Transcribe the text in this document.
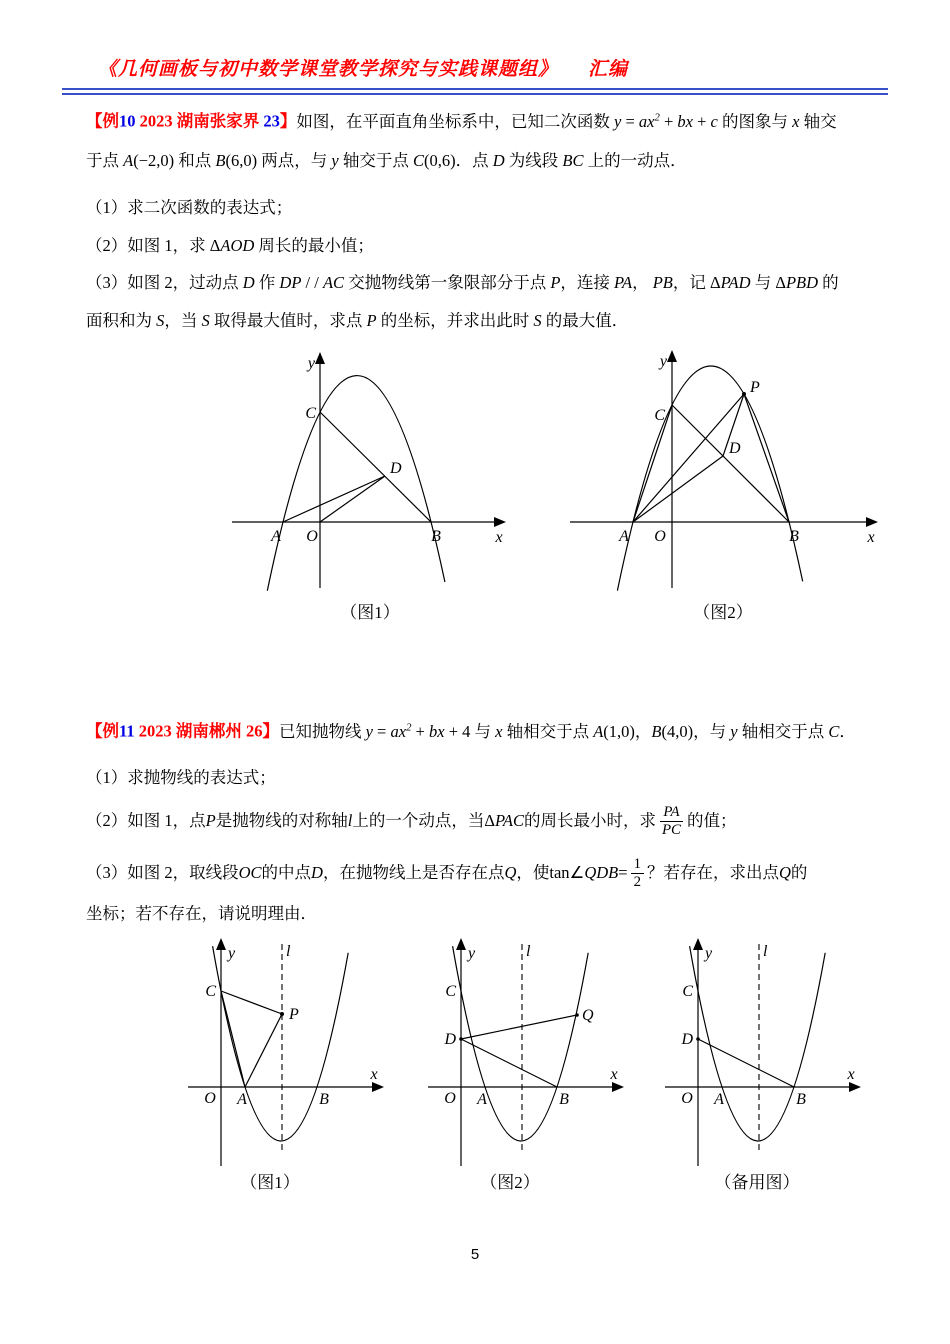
《几何画板与初中数学课堂教学探究与实践课题组》 汇编
【例10 2023 湖南张家界 23】如图，在平面直角坐标系中，已知二次函数 $y = ax^2$ + bx + c 的图象与 x 轴交
于点 A(−2,0) 和点 B(6,0) 两点，与 y 轴交于点 C(0,6)．点 D 为线段 BC 上的一动点．
（1）求二次函数的表达式；
（2）如图 1，求 ΔAOD 周长的最小值；
（3）如图 2，过动点 D 作 DP / / AC 交抛物线第一象限部分于点 P，连接 PA， PB，记 ΔPAD 与 ΔPBD 的
面积和为 S，当 S 取得最大值时，求点 P 的坐标，并求出此时 S 的最大值．
y
x
C
D
A O	B
（图1）
y
x
C
P
D
A O	B
（图2）
【例11 2023 湖南郴州 26】已知抛物线 $y = ax^2$ + bx + 4 与 x 轴相交于点 A(1,0)，B(4,0)，与 y 轴相交于点 C．
（1）求抛物线的表达式；
（2）如图 1，点 P 是抛物线的对称轴 l 上的一个动点，当 Δ PAC 的周长最小时，求 $\frac{PA}{PC}$ 的值；
（3）如图 2，取线段 OC 的中点 D ，在抛物线上是否存在点 Q ，使 tan∠ QDB = $\frac{1}{2}$ ？若存在，求出点 Q 的
坐标；若不存在，请说明理由．
y	l
x
C
P
O A	B
（图1）
y	l
x
C
D
Q
O A	B
（图2）
y	l
x
C
D
O A	B
（备用图）
5
